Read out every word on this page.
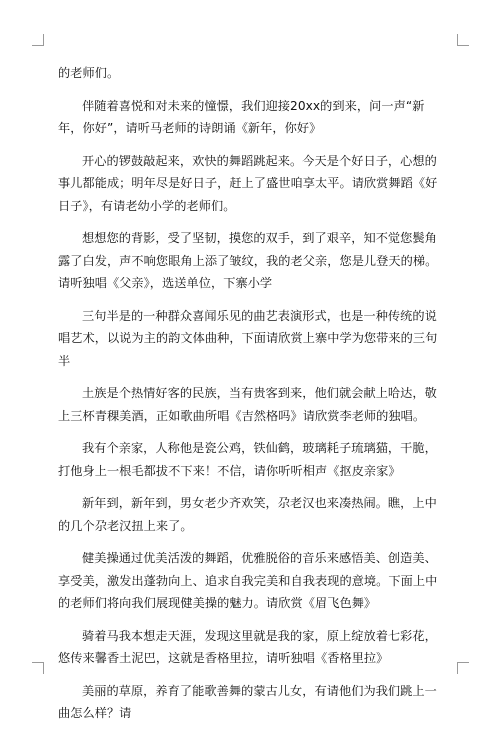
的老师们。

伴随着喜悦和对未来的憧憬，我们迎接20xx的到来，问一声“新年，你好”，请听马老师的诗朗诵《新年，你好》

开心的锣鼓敲起来，欢快的舞蹈跳起来。今天是个好日子，心想的事儿都能成；明年尽是好日子，赶上了盛世咱享太平。请欣赏舞蹈《好日子》，有请老幼小学的老师们。

想想您的背影，受了坚韧，摸您的双手，到了艰辛，知不觉您鬓角露了白发，声不响您眼角上添了皱纹，我的老父亲，您是儿登天的梯。请听独唱《父亲》，选送单位，下寨小学

三句半是的一种群众喜闻乐见的曲艺表演形式，也是一种传统的说唱艺术，以说为主的韵文体曲种，下面请欣赏上寨中学为您带来的三句半

土族是个热情好客的民族，当有贵客到来，他们就会献上哈达，敬上三杯青稞美酒，正如歌曲所唱《吉然格吗》请欣赏李老师的独唱。

我有个亲家，人称他是瓷公鸡，铁仙鹤，玻璃耗子琉璃猫，干脆，打他身上一根毛都拔不下来！不信，请你听听相声《抠皮亲家》

新年到，新年到，男女老少齐欢笑，尕老汉也来凑热闹。瞧，上中的几个尕老汉扭上来了。

健美操通过优美活泼的舞蹈，优雅脱俗的音乐来感悟美、创造美、享受美，激发出蓬勃向上、追求自我完美和自我表现的意境。下面上中的老师们将向我们展现健美操的魅力。请欣赏《眉飞色舞》

骑着马我本想走天涯，发现这里就是我的家，原上绽放着七彩花，悠传来馨香土泥巴，这就是香格里拉，请听独唱《香格里拉》

美丽的草原，养育了能歌善舞的蒙古儿女，有请他们为我们跳上一曲怎么样？请
